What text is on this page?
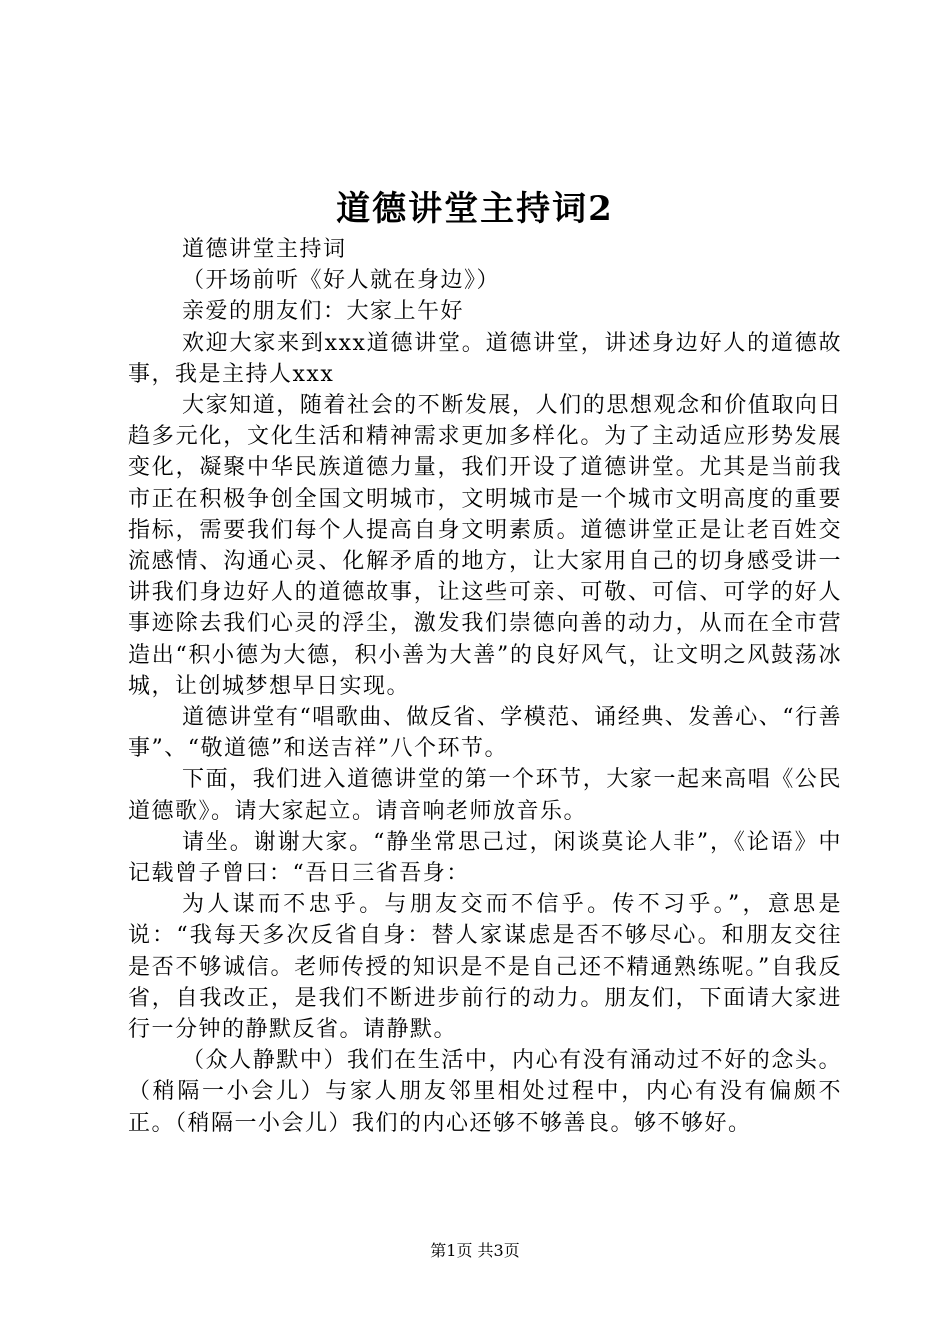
道德讲堂主持词2

道德讲堂主持词

（开场前听《好人就在身边》）

亲爱的朋友们：大家上午好

欢迎大家来到xxx道德讲堂。道德讲堂，讲述身边好人的道德故事，我是主持人xxx

大家知道，随着社会的不断发展，人们的思想观念和价值取向日趋多元化，文化生活和精神需求更加多样化。为了主动适应形势发展变化，凝聚中华民族道德力量，我们开设了道德讲堂。尤其是当前我市正在积极争创全国文明城市，文明城市是一个城市文明高度的重要指标，需要我们每个人提高自身文明素质。道德讲堂正是让老百姓交流感情、沟通心灵、化解矛盾的地方，让大家用自己的切身感受讲一讲我们身边好人的道德故事，让这些可亲、可敬、可信、可学的好人事迹除去我们心灵的浮尘，激发我们崇德向善的动力，从而在全市营造出“积小德为大德，积小善为大善”的良好风气，让文明之风鼓荡冰城，让创城梦想早日实现。

道德讲堂有“唱歌曲、做反省、学模范、诵经典、发善心、“行善事”、“敬道德”和送吉祥”八个环节。

下面，我们进入道德讲堂的第一个环节，大家一起来高唱《公民道德歌》。请大家起立。请音响老师放音乐。

请坐。谢谢大家。“静坐常思己过，闲谈莫论人非”，《论语》中记载曾子曾曰：“吾日三省吾身：

为人谋而不忠乎。与朋友交而不信乎。传不习乎。”，意思是说：“我每天多次反省自身：替人家谋虑是否不够尽心。和朋友交往是否不够诚信。老师传授的知识是不是自己还不精通熟练呢。”自我反省，自我改正，是我们不断进步前行的动力。朋友们，下面请大家进行一分钟的静默反省。请静默。

（众人静默中）我们在生活中，内心有没有涌动过不好的念头。（稍隔一小会儿）与家人朋友邻里相处过程中，内心有没有偏颇不正。（稍隔一小会儿）我们的内心还够不够善良。够不够好。

第1页 共3页
